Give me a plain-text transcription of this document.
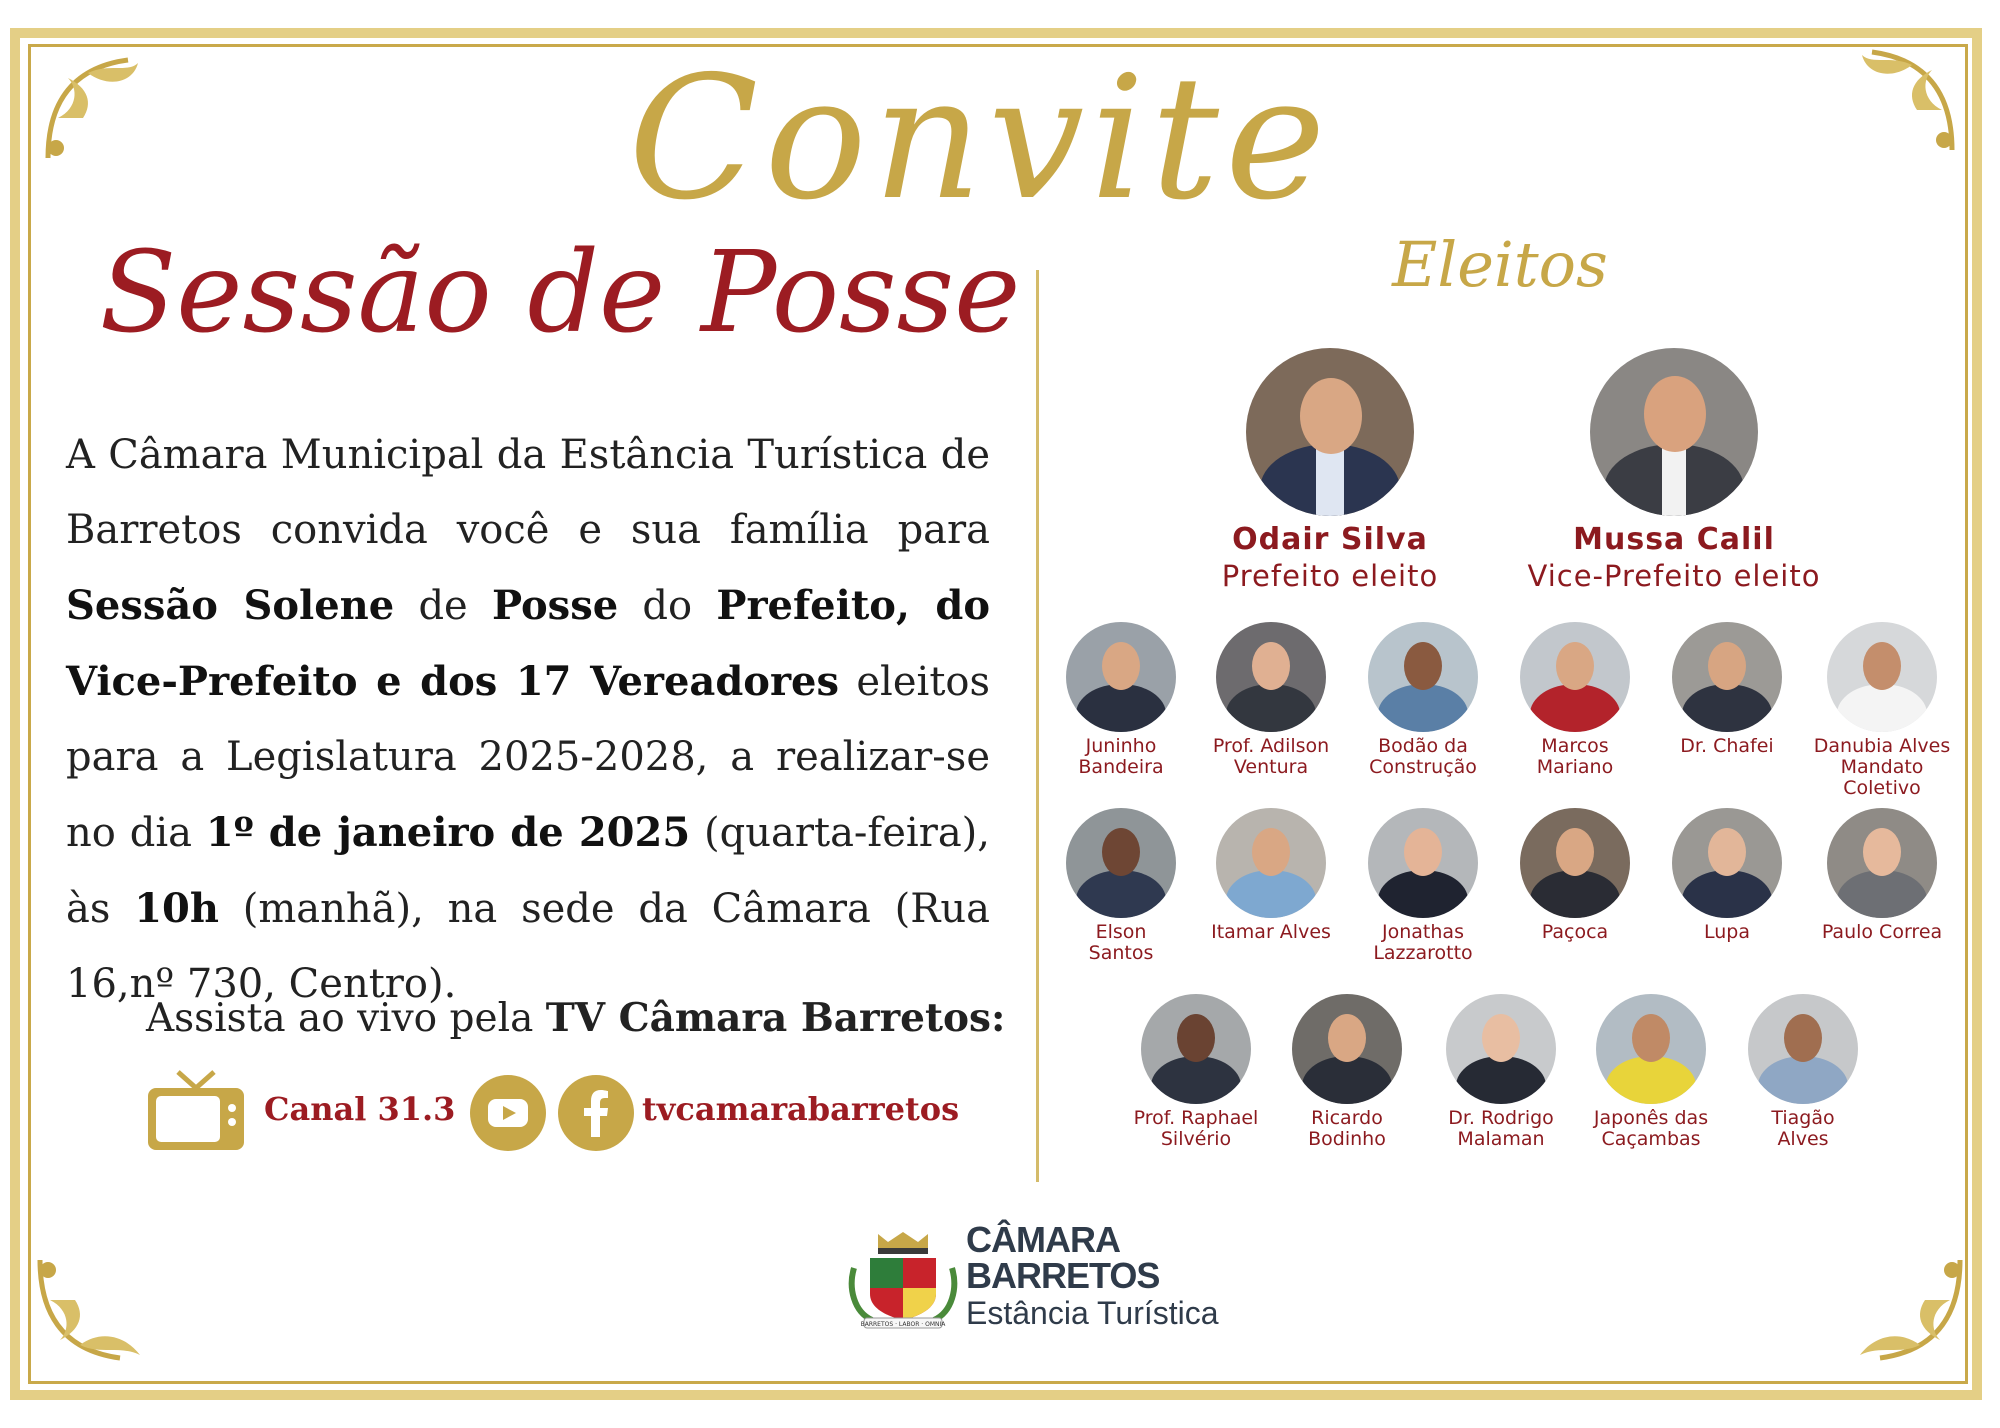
Convite
Sessão de Posse
A Câmara Municipal da Estância Turística de Barretos convida você e sua família para Sessão Solene de Posse do Prefeito, do Vice-Prefeito e dos 17 Vereadores eleitos para a Legislatura 2025-2028, a realizar-se no dia 1º de janeiro de 2025 (quarta-feira), às 10h (manhã), na sede da Câmara (Rua 16,nº 730, Centro).
Assista ao vivo pela TV Câmara Barretos:
Canal 31.3	tvcamarabarretos
Eleitos
Odair Silva
Prefeito eleito
Mussa Calil
Vice-Prefeito eleito
Juninho
Bandeira
Prof. Adilson
Ventura
Bodão da
Construção
Marcos
Mariano
Dr. Chafei	Danubia Alves
Mandato Coletivo
Elson
Santos
Itamar Alves	Jonathas
Lazzarotto
Paçoca	Lupa	Paulo Correa
Prof. Raphael
Silvério
Ricardo
Bodinho
Dr. Rodrigo
Malaman
Japonês das
Caçambas
Tiagão
Alves
BARRETOS · LABOR · OMNIA
CÂMARA
BARRETOS
Estância Turística
